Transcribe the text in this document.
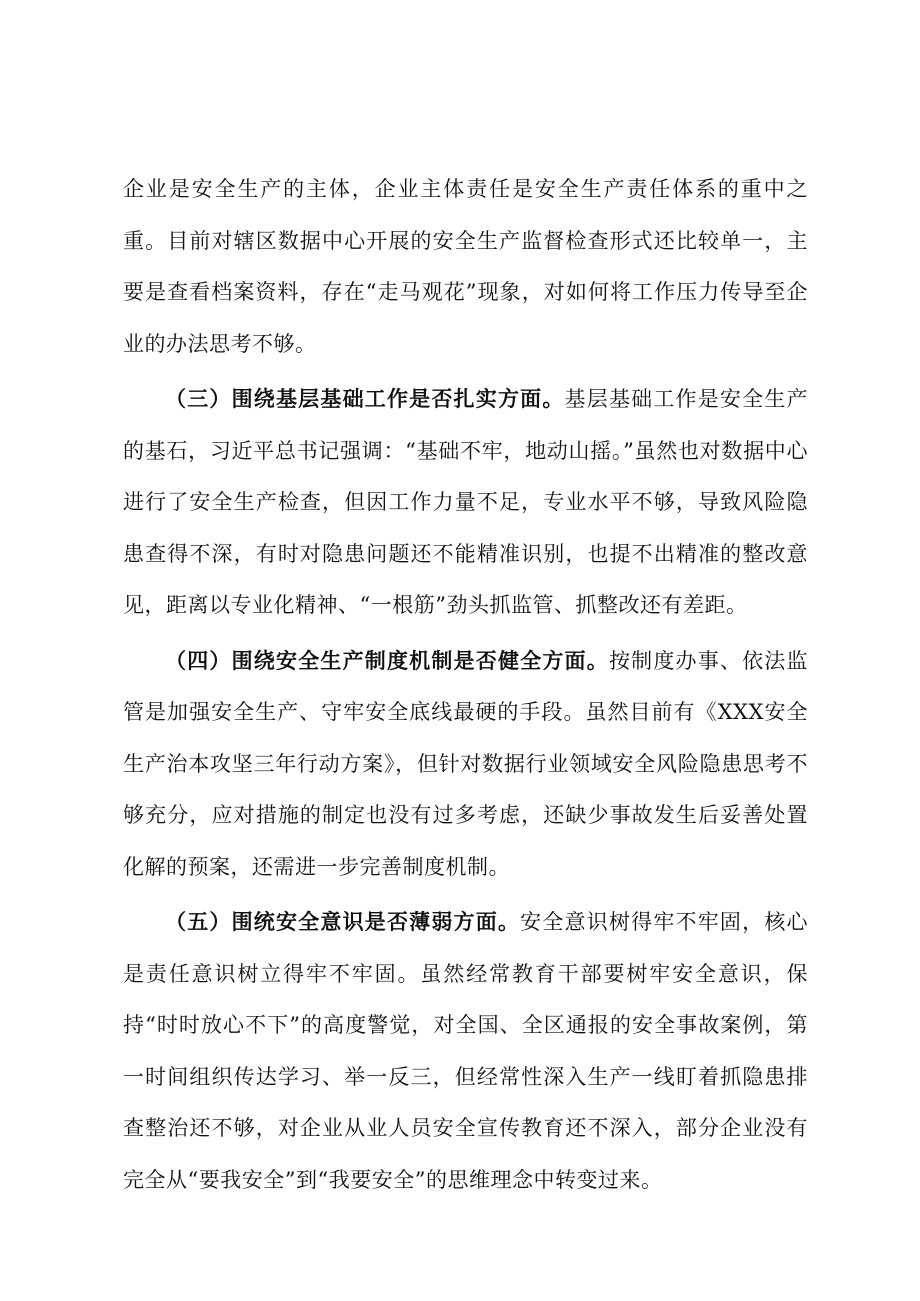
企业是安全生产的主体，企业主体责任是安全生产责任体系的重中之重。目前对辖区数据中心开展的安全生产监督检查形式还比较单一，主要是查看档案资料，存在“走马观花”现象，对如何将工作压力传导至企业的办法思考不够。

（三）围绕基层基础工作是否扎实方面。基层基础工作是安全生产的基石，习近平总书记强调：“基础不牢，地动山摇。”虽然也对数据中心进行了安全生产检查，但因工作力量不足，专业水平不够，导致风险隐患查得不深，有时对隐患问题还不能精准识别，也提不出精准的整改意见，距离以专业化精神、“一根筋”劲头抓监管、抓整改还有差距。

（四）围绕安全生产制度机制是否健全方面。按制度办事、依法监管是加强安全生产、守牢安全底线最硬的手段。虽然目前有《XXX安全生产治本攻坚三年行动方案》，但针对数据行业领域安全风险隐患思考不够充分，应对措施的制定也没有过多考虑，还缺少事故发生后妥善处置化解的预案，还需进一步完善制度机制。

（五）围统安全意识是否薄弱方面。安全意识树得牢不牢固，核心是责任意识树立得牢不牢固。虽然经常教育干部要树牢安全意识，保持“时时放心不下”的高度警觉，对全国、全区通报的安全事故案例，第一时间组织传达学习、举一反三，但经常性深入生产一线盯着抓隐患排查整治还不够，对企业从业人员安全宣传教育还不深入，部分企业没有完全从“要我安全”到“我要安全”的思维理念中转变过来。
